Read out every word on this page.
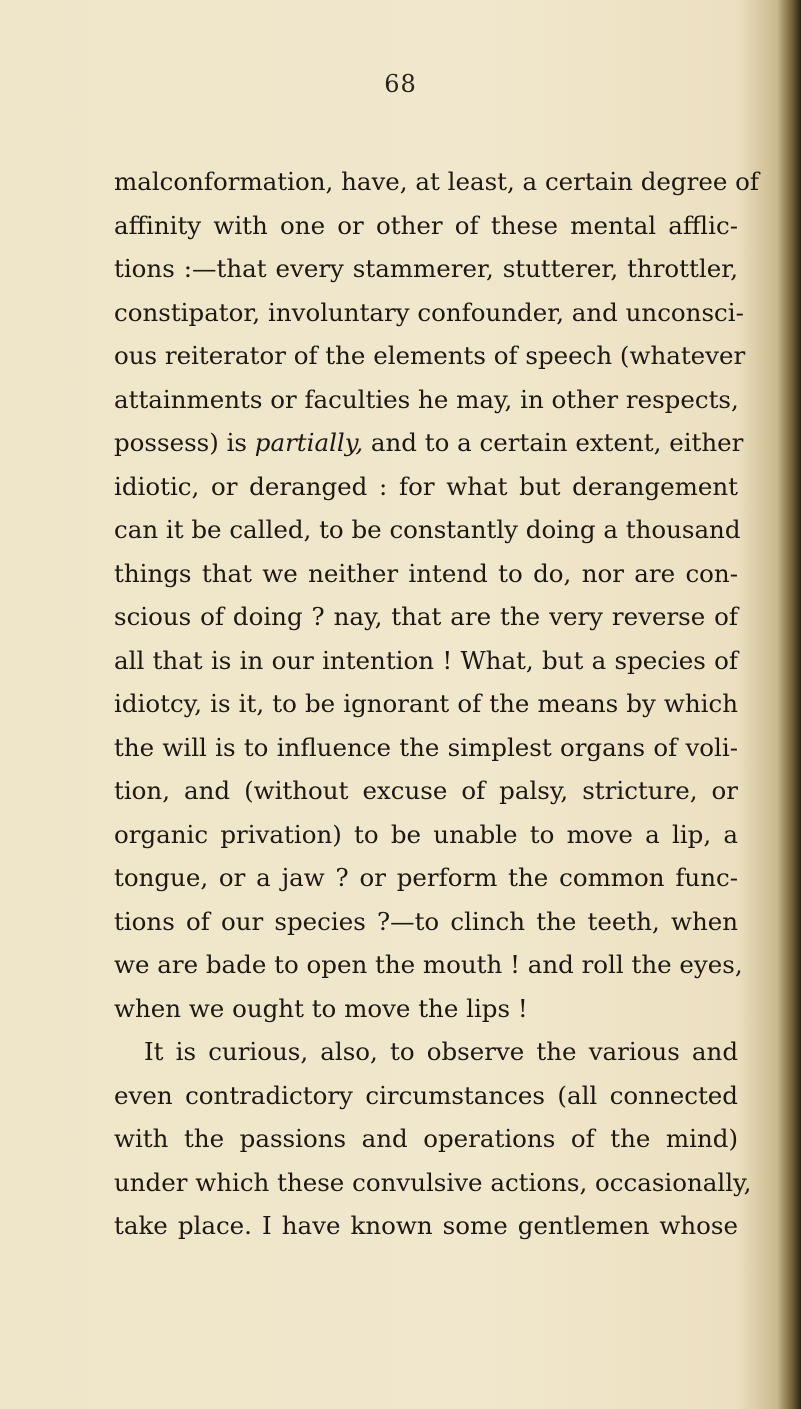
68
malconformation, have, at least, a certain degree of
affinity with one or other of these mental afflic-
tions :—that every stammerer, stutterer, throttler,
constipator, involuntary confounder, and unconsci-
ous reiterator of the elements of speech (whatever
attainments or faculties he may, in other respects,
possess) is partially, and to a certain extent, either
idiotic, or deranged : for what but derangement
can it be called, to be constantly doing a thousand
things that we neither intend to do, nor are con-
scious of doing ? nay, that are the very reverse of
all that is in our intention ! What, but a species of
idiotcy, is it, to be ignorant of the means by which
the will is to influence the simplest organs of voli-
tion, and (without excuse of palsy, stricture, or
organic privation) to be unable to move a lip, a
tongue, or a jaw ? or perform the common func-
tions of our species ?—to clinch the teeth, when
we are bade to open the mouth ! and roll the eyes,
when we ought to move the lips !
It is curious, also, to observe the various and
even contradictory circumstances (all connected
with the passions and operations of the mind)
under which these convulsive actions, occasionally,
take place. I have known some gentlemen whose
